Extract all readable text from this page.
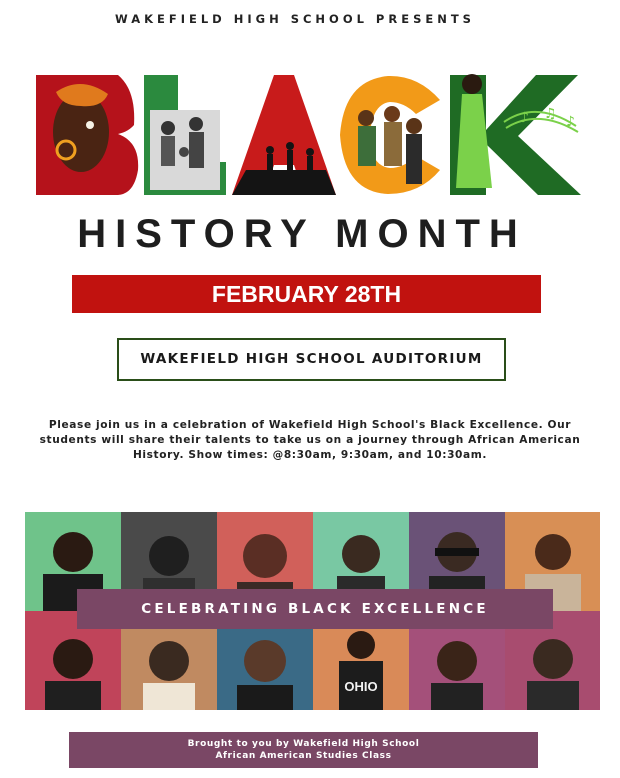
WAKEFIELD HIGH SCHOOL PRESENTS
♪ ♫ ♪
HISTORY MONTH
FEBRUARY 28TH
WAKEFIELD HIGH SCHOOL AUDITORIUM
Please join us in a celebration of Wakefield High School's Black Excellence. Our students will share their talents to take us on a journey through African American History. Show times: @8:30am, 9:30am, and 10:30am.
OHIO
CELEBRATING BLACK EXCELLENCE
Brought to you by Wakefield High School
African American Studies Class
